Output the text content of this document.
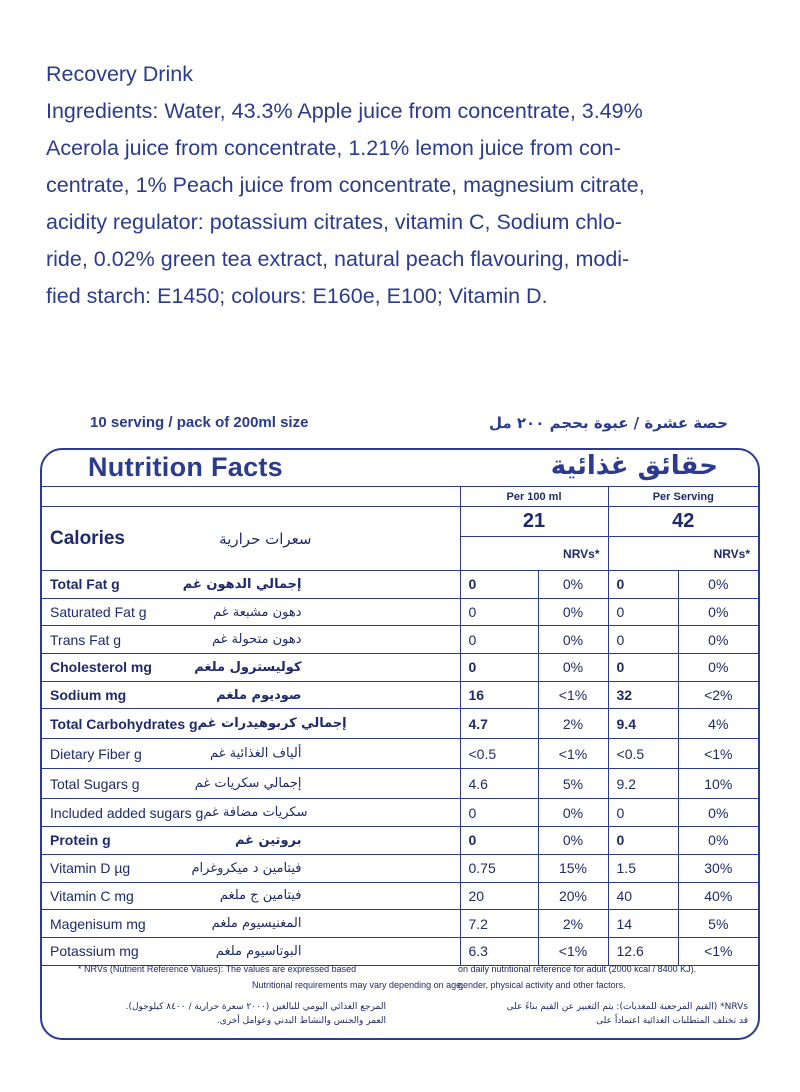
Recovery Drink
Ingredients: Water, 43.3% Apple juice from concentrate, 3.49%
Acerola juice from concentrate, 1.21% lemon juice from con-
centrate, 1% Peach juice from concentrate, magnesium citrate,
acidity regulator: potassium citrates, vitamin C, Sodium chlo-
ride, 0.02% green tea extract, natural peach flavouring, modi-
fied starch: E1450; colours: E160e, E100; Vitamin D.
10 serving / pack of 200ml size	حصة عشرة / عبوة بحجم ٢٠٠ مل
Nutrition Facts	حقائق غذائية
	Per 100 ml		Per Serving	

Calories سعرات حرارية	21		42	
	NRVs*		NRVs*	

Total Fat g إجمالي الدهون غم	0	0%	0	0%

Saturated Fat g دهون مشبعة غم	0	0%	0	0%

Trans Fat g دهون متحولة غم	0	0%	0	0%

Cholesterol mg كوليسترول ملغم	0	0%	0	0%

Sodium mg صوديوم ملغم	16	<1%	32	<2%

Total Carbohydrates g إجمالي كربوهيدرات غم	4.7	2%	9.4	4%

Dietary Fiber g ألياف الغذائية غم	<0.5	<1%	<0.5	<1%

Total Sugars g إجمالي سكريات غم	4.6	5%	9.2	10%

Included added sugars g سكريات مضافة غم	0	0%	0	0%

Protein g بروتين غم	0	0%	0	0%

Vitamin D µg فيتامين د ميكروغرام	0.75	15%	1.5	30%

Vitamin C mg فيتامين ج ملغم	20	20%	40	40%

Magenisum mg المغنيسيوم ملغم	7.2	2%	14	5%

Potassium mg البوتاسيوم ملغم	6.3	<1%	12.6	<1%
* NRVs (Nutrient Reference Values): The values are expressed based
Nutritional requirements may vary depending on age,
on daily nutritional reference for adult (2000 kcal / 8400 KJ).
gender, physical activity and other factors.
المرجع الغذائي اليومي للبالغين (٢٠٠٠ سعرة حرارية / ٨٤٠٠ كيلوجول).
العمر والجنس والنشاط البدني وعوامل أخرى.
NRVs* (القيم المرجعية للمغذيات): يتم التعبير عن القيم بناءً على
قد تختلف المتطلبات الغذائية اعتماداً على
